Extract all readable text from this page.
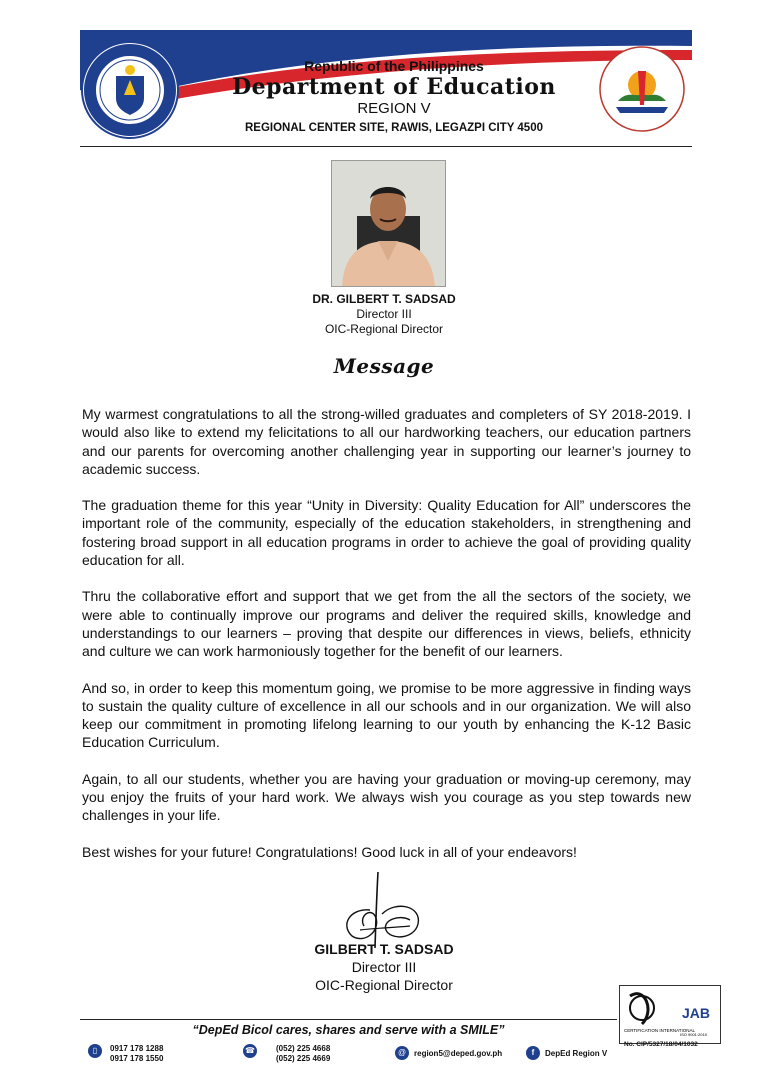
Republic of the Philippines
Department of Education
REGION V
REGIONAL CENTER SITE, RAWIS, LEGAZPI CITY 4500
DR. GILBERT T. SADSAD
Director III
OIC-Regional Director
Message

My warmest congratulations to all the strong-willed graduates and completers of SY 2018-2019. I would also like to extend my felicitations to all our hardworking teachers, our education partners and our parents for overcoming another challenging year in supporting our learner’s journey to academic success.

The graduation theme for this year “Unity in Diversity: Quality Education for All” underscores the important role of the community, especially of the education stakeholders, in strengthening and fostering broad support in all education programs in order to achieve the goal of providing quality education for all.

Thru the collaborative effort and support that we get from the all the sectors of the society, we were able to continually improve our programs and deliver the required skills, knowledge and understandings to our learners – proving that despite our differences in views, beliefs, ethnicity and culture we can work harmoniously together for the benefit of our learners.

And so, in order to keep this momentum going, we promise to be more aggressive in finding ways to sustain the quality culture of excellence in all our schools and in our organization. We will also keep our commitment in promoting lifelong learning to our youth by enhancing the K-12 Basic Education Curriculum.

Again, to all our students, whether you are having your graduation or moving-up ceremony, may you enjoy the fruits of your hard work. We always wish you courage as you step towards new challenges in your life.

Best wishes for your future! Congratulations! Good luck in all of your endeavors!

GILBERT T. SADSAD
Director III
OIC-Regional Director
“DepEd Bicol cares, shares and serve with a SMILE”	CERTIFICATION INTERNATIONAL
JAB
ISO 9001:2015
No. CIP/5327/18/04/1032
▯	0917 178 1288
0917 178 1550
☎	(052) 225 4668
(052) 225 4669
@ region5@deped.gov.ph	f	DepEd Region V
